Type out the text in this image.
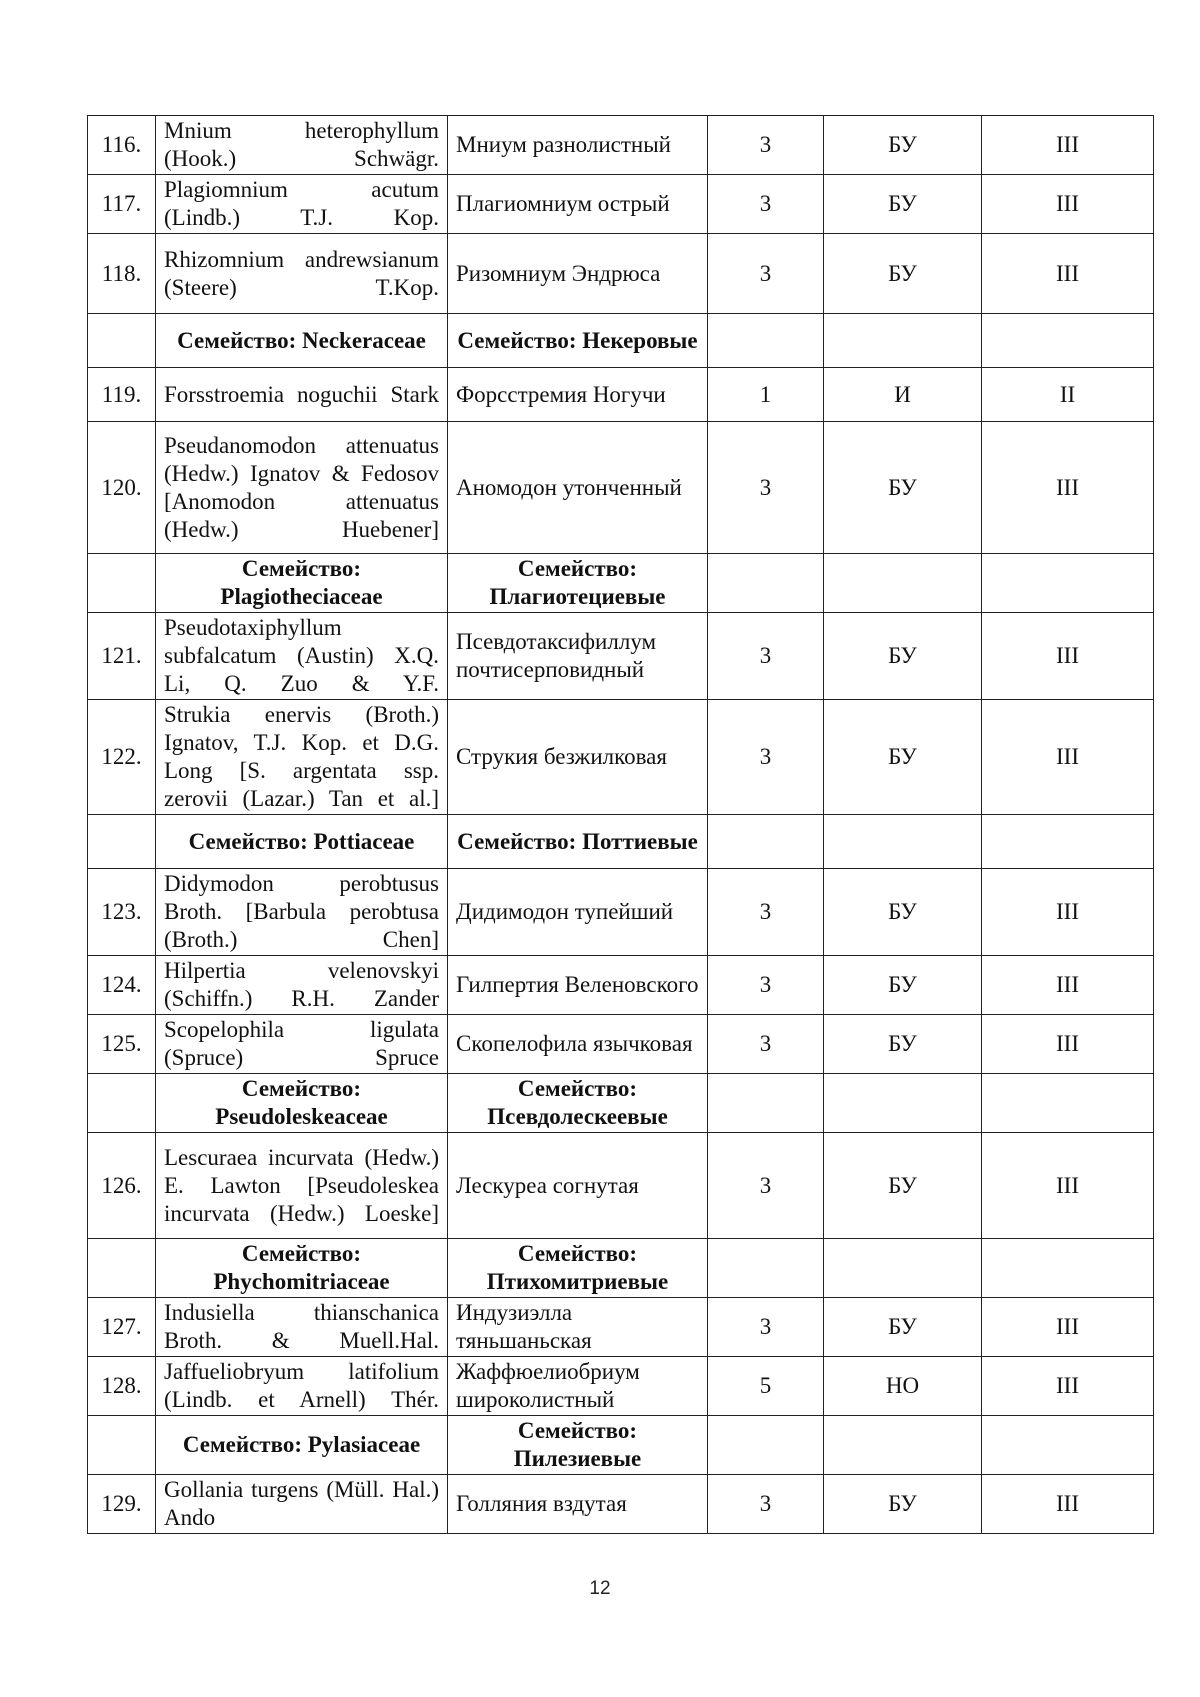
116.	Mnium heterophyllum (Hook.) Schwägr.	Мниум разнолистный	3	БУ	III
117.	Plagiomnium acutum (Lindb.) T.J. Kop.	Плагиомниум острый	3	БУ	III
118.	Rhizomnium andrewsianum (Steere) T.Kop.	Ризомниум Эндрюса	3	БУ	III
	Семейство: Neckeraceae	Семейство: Некеровые			
119.	Forsstroemia noguchii Stark	Форсстремия Ногучи	1	И	II
120.	Pseudanomodon attenuatus (Hedw.) Ignatov & Fedosov [Anomodon attenuatus (Hedw.) Huebener]	Аномодон утонченный	3	БУ	III
	Семейство: Plagiotheciaceae	Семейство: Плагиотециевые			
121.	Pseudotaxiphyllum subfalcatum (Austin) X.Q. Li, Q. Zuo & Y.F.	Псевдотаксифиллум почтисерповидный	3	БУ	III
122.	Strukia enervis (Broth.) Ignatov, T.J. Kop. et D.G. Long [S. argentata ssp. zerovii (Lazar.) Tan et al.]	Струкия безжилковая	3	БУ	III
	Семейство: Pottiaceae	Семейство: Поттиевые			
123.	Didymodon perobtusus Broth. [Barbula perobtusa (Broth.) Chen]	Дидимодон тупейший	3	БУ	III
124.	Hilpertia velenovskyi (Schiffn.) R.H. Zander	Гилпертия Веленовского	3	БУ	III
125.	Scopelophila ligulata (Spruce) Spruce	Скопелофила язычковая	3	БУ	III
	Семейство: Pseudoleskeaceae	Семейство: Псевдолескеевые			
126.	Lescuraea incurvata (Hedw.) E. Lawton [Pseudoleskea incurvata (Hedw.) Loeske]	Лескуреа согнутая	3	БУ	III
	Семейство: Phychomitriaceae	Семейство: Птихомитриевые			
127.	Indusiella thianschanica Broth. & Muell.Hal.	Индузиэлла тяньшаньская	3	БУ	III
128.	Jaffueliobryum latifolium (Lindb. et Arnell) Thér.	Жаффюелиобриум широколистный	5	НО	III
	Семейство: Pylasiaceae	Семейство: Пилезиевые			
129.	Gollania turgens (Müll. Hal.) Ando	Голляния вздутая	3	БУ	III
12
